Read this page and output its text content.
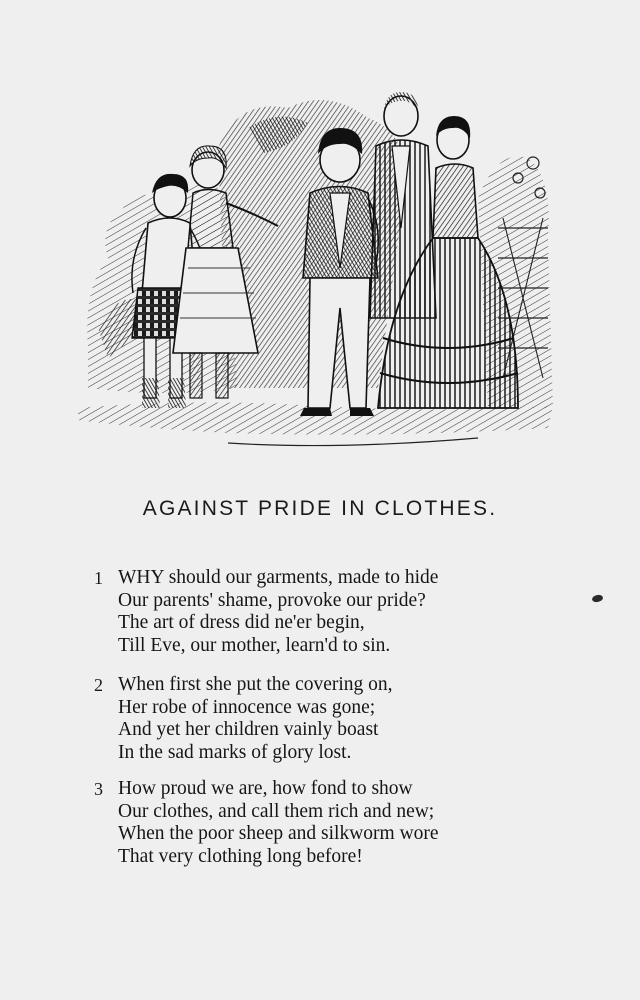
AGAINST PRIDE IN CLOTHES.
1 WHY should our garments, made to hide
Our parents' shame, provoke our pride?
The art of dress did ne'er begin,
Till Eve, our mother, learn'd to sin.
2 When first she put the covering on,
Her robe of innocence was gone;
And yet her children vainly boast
In the sad marks of glory lost.
3 How proud we are, how fond to show
Our clothes, and call them rich and new;
When the poor sheep and silkworm wore
That very clothing long before!
